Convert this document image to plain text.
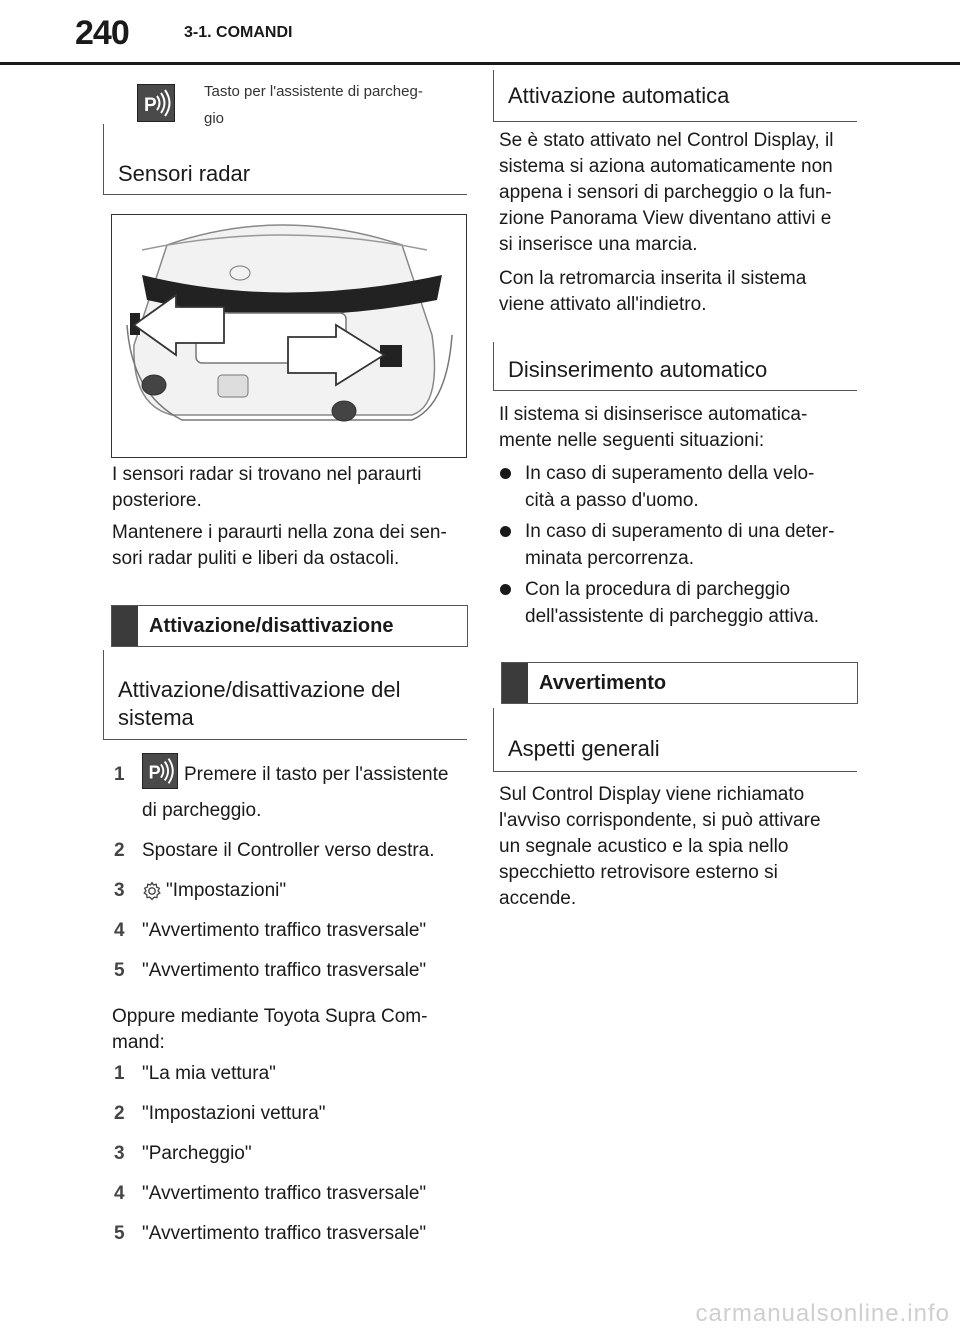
240	3-1. COMANDI
P
Tasto per l'assistente di parcheg-
gio
Sensori radar
I sensori radar si trovano nel paraurti
posteriore.
Mantenere i paraurti nella zona dei sen-
sori radar puliti e liberi da ostacoli.
Attivazione/disattivazione
Attivazione/disattivazione del
sistema
1	P Premere il tasto per l'assistente
di parcheggio.
2 Spostare il Controller verso destra.
3	"Impostazioni"
4 "Avvertimento traffico trasversale"
5 "Avvertimento traffico trasversale"
Oppure mediante Toyota Supra Com-
mand:
1 "La mia vettura"
2 "Impostazioni vettura"
3 "Parcheggio"
4 "Avvertimento traffico trasversale"
5 "Avvertimento traffico trasversale"
Attivazione automatica
Se è stato attivato nel Control Display, il
sistema si aziona automaticamente non
appena i sensori di parcheggio o la fun-
zione Panorama View diventano attivi e
si inserisce una marcia.
Con la retromarcia inserita il sistema
viene attivato all'indietro.
Disinserimento automatico
Il sistema si disinserisce automatica-
mente nelle seguenti situazioni:
In caso di superamento della velo-
cità a passo d'uomo.
In caso di superamento di una deter-
minata percorrenza.
Con la procedura di parcheggio
dell'assistente di parcheggio attiva.
Avvertimento
Aspetti generali
Sul Control Display viene richiamato
l'avviso corrispondente, si può attivare
un segnale acustico e la spia nello
specchietto retrovisore esterno si
accende.
carmanualsonline.info
